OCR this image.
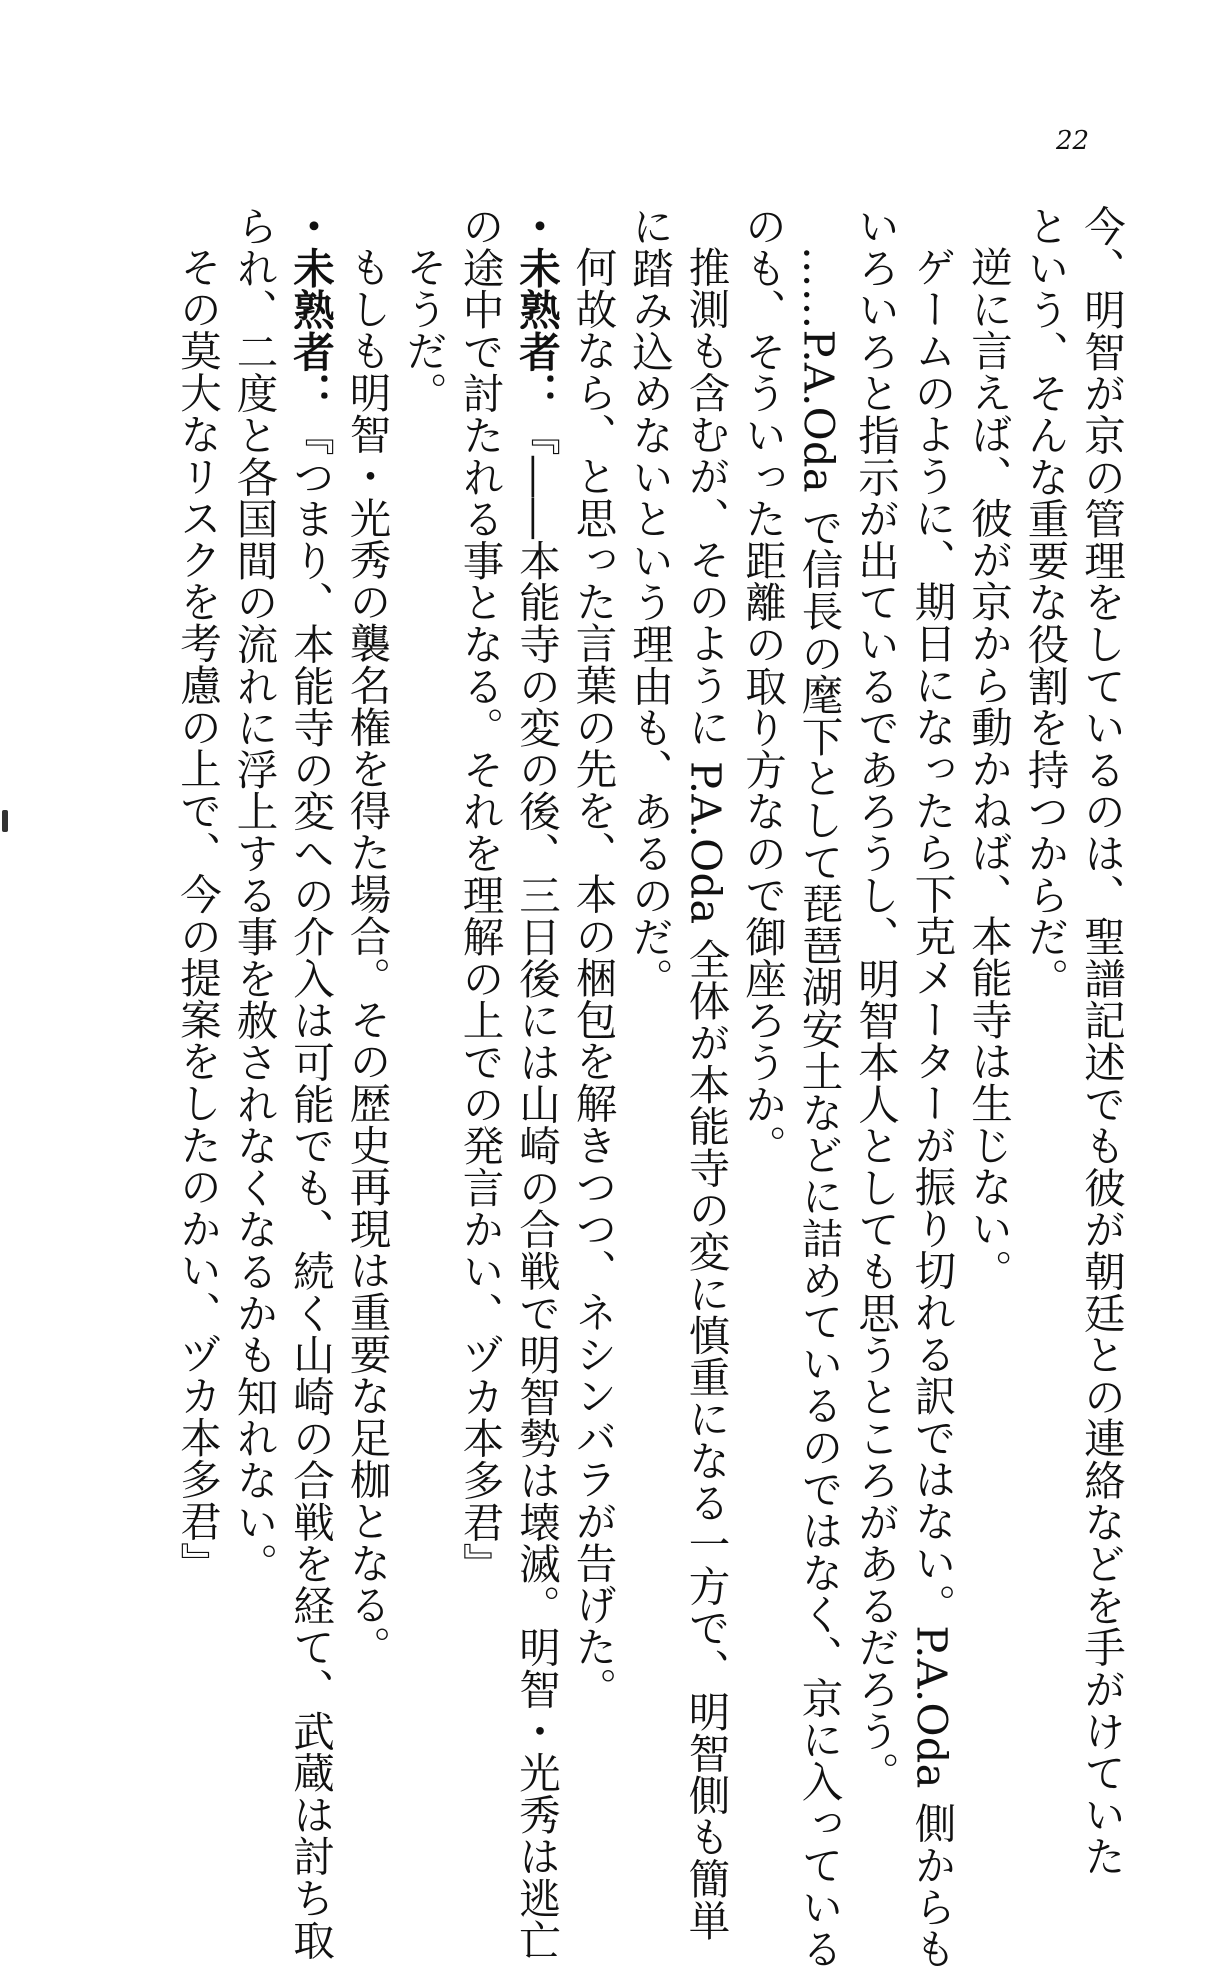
22
今、明智が京の管理をしているのは、聖譜記述でも彼が朝廷との連絡などを手がけていた
という、そんな重要な役割を持つからだ。
逆に言えば、彼が京から動かねば、本能寺は生じない。
ゲームのように、期日になったら下克メーターが振り切れる訳ではない。P.A.Oda 側からも
いろいろと指示が出ているであろうし、明智本人としても思うところがあるだろう。
……P.A.Oda で信長の麾下として琵琶湖安土などに詰めているのではなく、京に入っている
のも、そういった距離の取り方なので御座ろうか。
推測も含むが、そのように P.A.Oda 全体が本能寺の変に慎重になる一方で、明智側も簡単
に踏み込めないという理由も、あるのだ。
何故なら、と思った言葉の先を、本の梱包を解きつつ、ネシンバラが告げた。
・未熟者：『――本能寺の変の後、三日後には山崎の合戦で明智勢は壊滅。明智・光秀は逃亡
の途中で討たれる事となる。それを理解の上での発言かい、ヅカ本多君』
そうだ。
もしも明智・光秀の襲名権を得た場合。その歴史再現は重要な足枷となる。
・未熟者：『つまり、本能寺の変への介入は可能でも、続く山崎の合戦を経て、武蔵は討ち取
られ、二度と各国間の流れに浮上する事を赦されなくなるかも知れない。
その莫大なリスクを考慮の上で、今の提案をしたのかい、ヅカ本多君』
